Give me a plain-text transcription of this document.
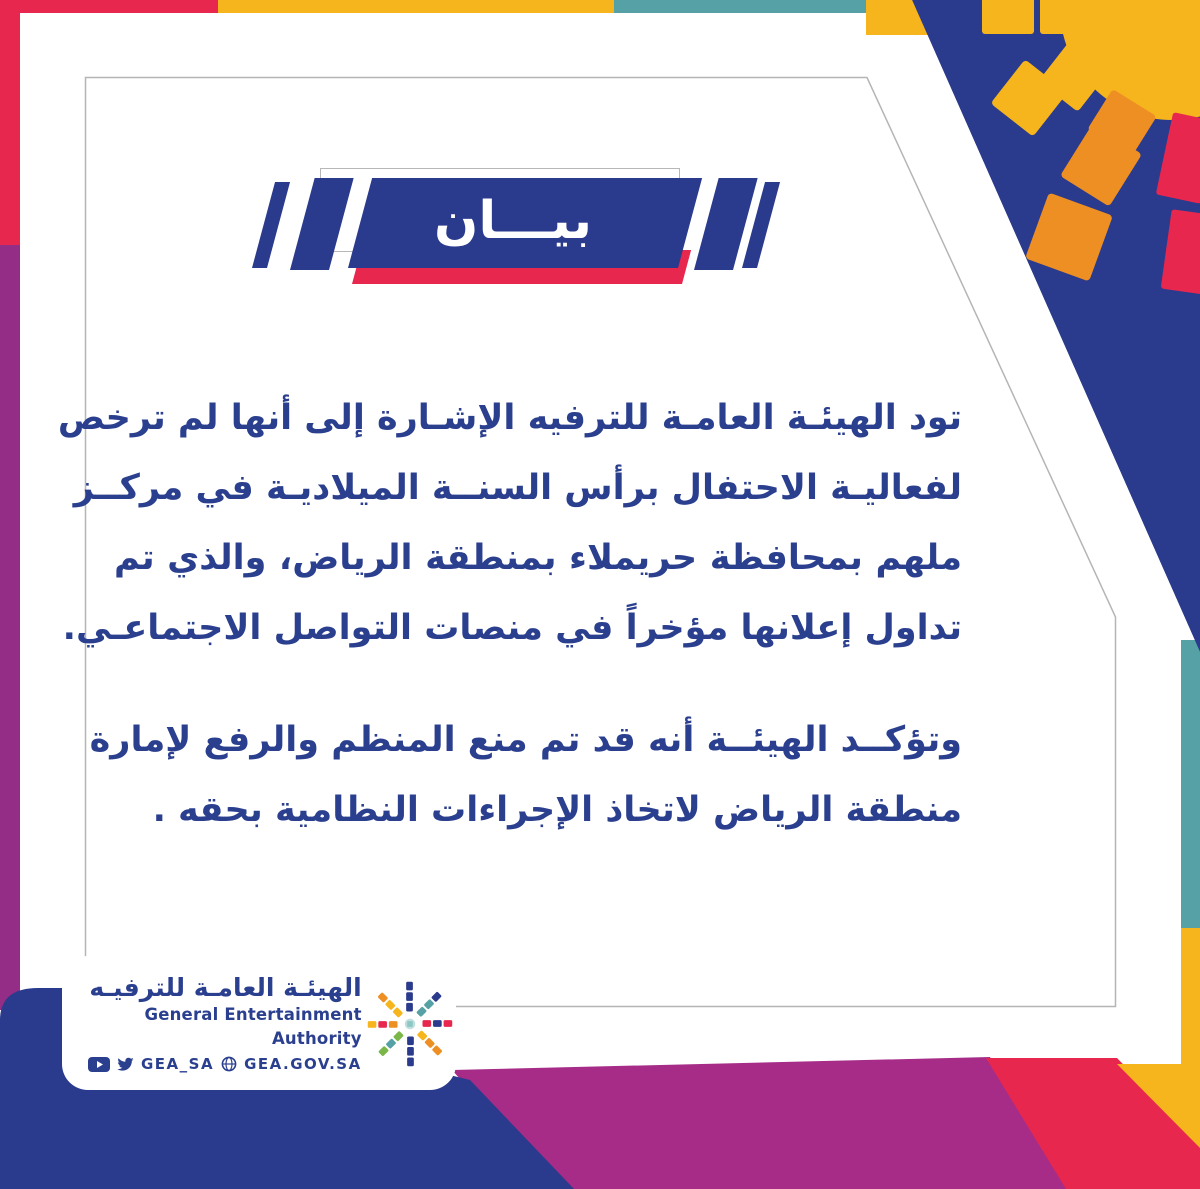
بيـــان
تود الهيئـة العامـة للترفيه الإشـارة إلى أنها لم ترخص
لفعاليـة الاحتفال برأس السنــة الميلاديـة في مركــز
ملهم بمحافظة حريملاء بمنطقة الرياض، والذي تم
تداول إعلانها مؤخراً في منصات التواصل الاجتماعـي.
وتؤكــد الهيئــة أنه قد تم منع المنظم والرفع لإمارة
منطقة الرياض لاتخاذ الإجراءات النظامية بحقه .
الهيئـة العامـة للترفيـه
General Entertainment Authority
GEA_SA GEA.GOV.SA
